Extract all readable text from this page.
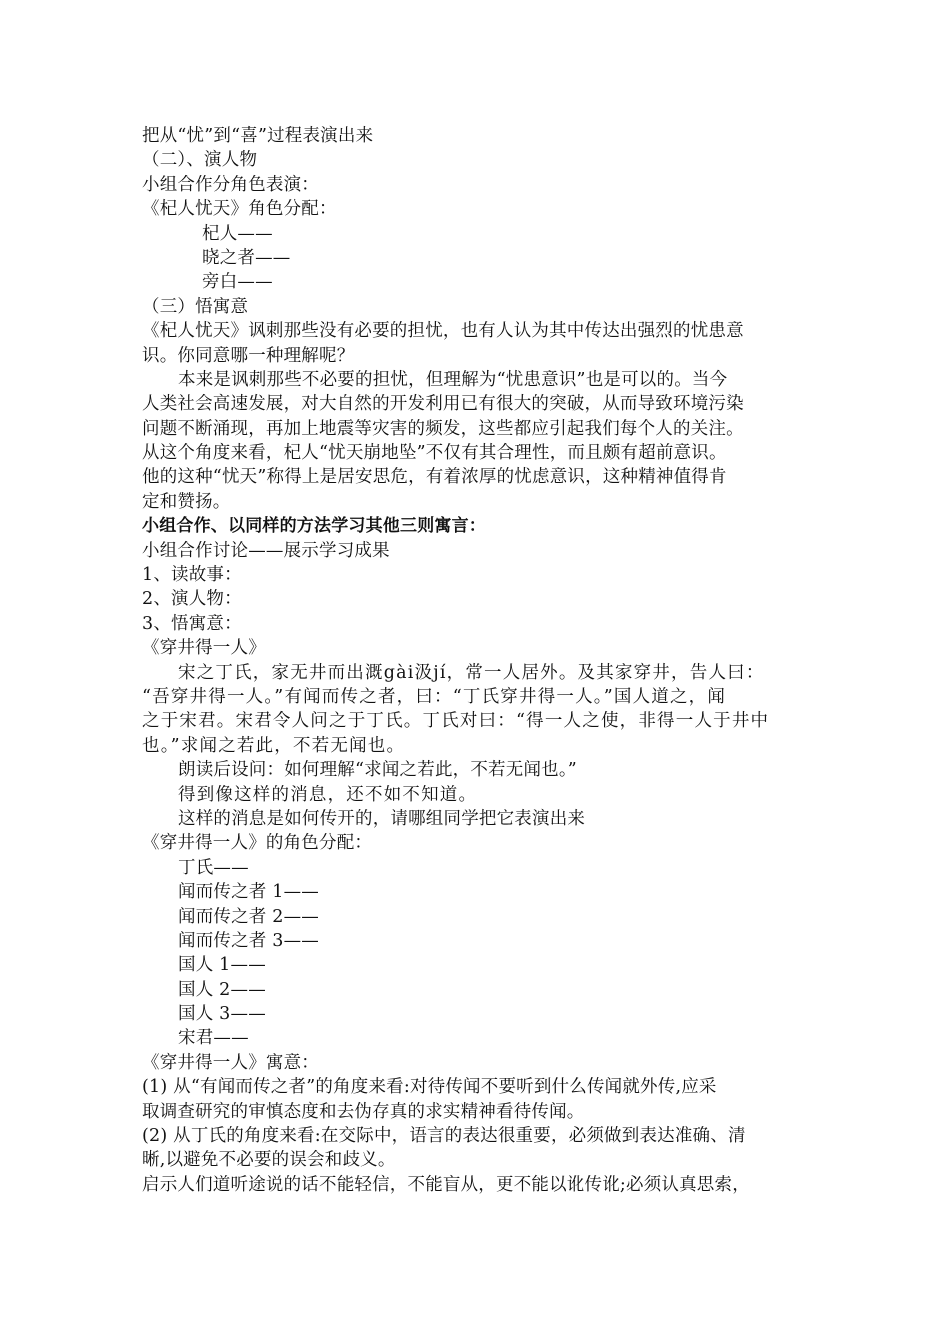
把从“忧”到“喜”过程表演出来
（二）、演人物
小组合作分角色表演：
《杞人忧天》角色分配：
杞人——
晓之者——
旁白——
（三）悟寓意
《杞人忧天》讽刺那些没有必要的担忧，也有人认为其中传达出强烈的忧患意
识。你同意哪一种理解呢？
本来是讽刺那些不必要的担忧，但理解为“忧患意识”也是可以的。当今
人类社会高速发展，对大自然的开发利用已有很大的突破，从而导致环境污染
问题不断涌现，再加上地震等灾害的频发，这些都应引起我们每个人的关注。
从这个角度来看，杞人“忧天崩地坠”不仅有其合理性，而且颇有超前意识。
他的这种“忧天”称得上是居安思危，有着浓厚的忧虑意识，这种精神值得肯
定和赞扬。
小组合作、以同样的方法学习其他三则寓言：
小组合作讨论——展示学习成果
1、读故事：
2、演人物：
3、悟寓意：
《穿井得一人》
宋之丁氏，家无井而出溉gài汲jí，常一人居外。及其家穿井，告人曰：
“吾穿井得一人。”有闻而传之者，曰：“丁氏穿井得一人。”国人道之，闻
之于宋君。宋君令人问之于丁氏。丁氏对曰：“得一人之使，非得一人于井中
也。”求闻之若此，不若无闻也。
朗读后设问：如何理解“求闻之若此，不若无闻也。”
得到像这样的消息，还不如不知道。
这样的消息是如何传开的，请哪组同学把它表演出来
《穿井得一人》的角色分配：
丁氏——
闻而传之者 1——
闻而传之者 2——
闻而传之者 3——
国人 1——
国人 2——
国人 3——
宋君——
《穿井得一人》寓意：
(1) 从“有闻而传之者”的角度来看:对待传闻不要听到什么传闻就外传,应采
取调查研究的审慎态度和去伪存真的求实精神看待传闻。
(2) 从丁氏的角度来看:在交际中，语言的表达很重要，必须做到表达准确、清
晰,以避免不必要的误会和歧义。
启示人们道听途说的话不能轻信，不能盲从，更不能以讹传讹;必须认真思索，
